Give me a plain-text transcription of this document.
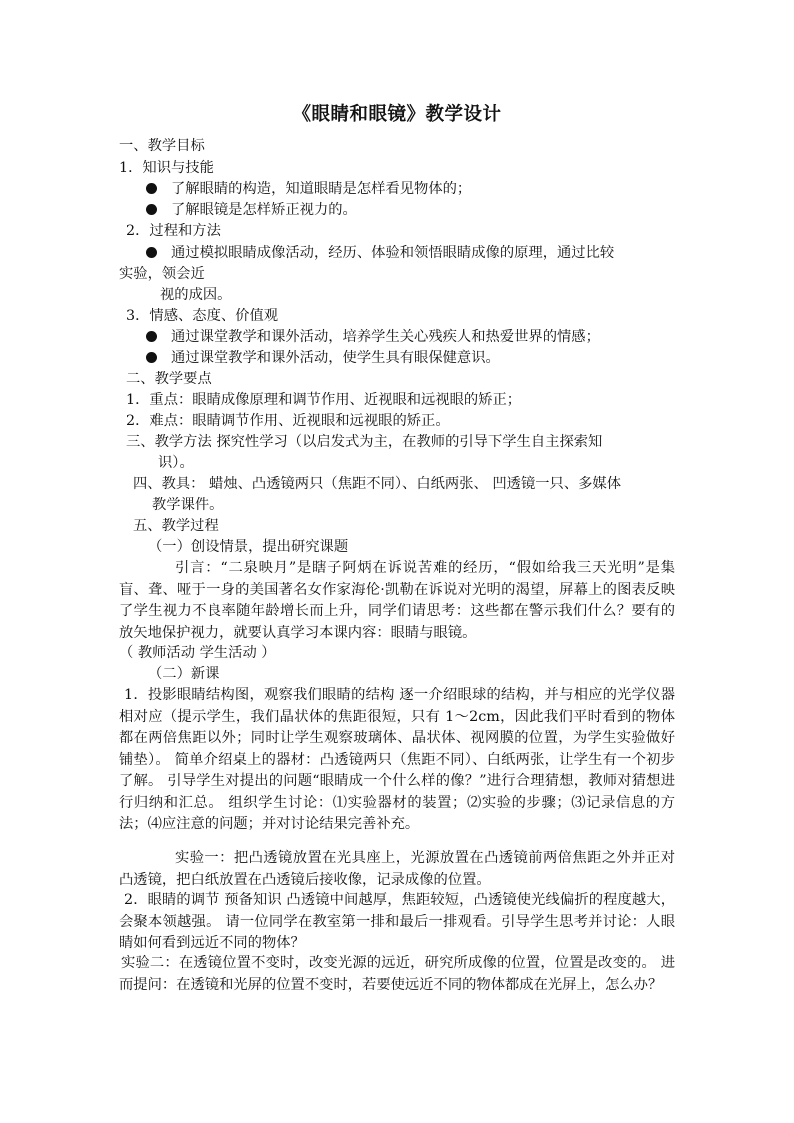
《眼睛和眼镜》教学设计
一、教学目标
1．知识与技能
了解眼睛的构造，知道眼睛是怎样看见物体的；
了解眼镜是怎样矫正视力的。
2．过程和方法
通过模拟眼睛成像活动，经历、体验和领悟眼睛成像的原理，通过比较
实验，领会近
视的成因。
3．情感、态度、价值观
通过课堂教学和课外活动，培养学生关心残疾人和热爱世界的情感；
通过课堂教学和课外活动，使学生具有眼保健意识。
二、教学要点
1．重点：眼睛成像原理和调节作用、近视眼和远视眼的矫正；
2．难点：眼睛调节作用、近视眼和远视眼的矫正。
三、教学方法 探究性学习（以启发式为主，在教师的引导下学生自主探索知
识）。
四、教具： 蜡烛、凸透镜两只（焦距不同）、白纸两张、 凹透镜一只、多媒体
教学课件。
五、教学过程
（一）创设情景，提出研究课题
引言：“二泉映月”是瞎子阿炳在诉说苦难的经历，“假如给我三天光明”是集盲、聋、哑于一身的美国著名女作家海伦·凯勒在诉说对光明的渴望，屏幕上的图表反映了学生视力不良率随年龄增长而上升，同学们请思考：这些都在警示我们什么？要有的放矢地保护视力，就要认真学习本课内容：眼睛与眼镜。
（ 教师活动 学生活动 ）
（二）新课
1．投影眼睛结构图，观察我们眼睛的结构 逐一介绍眼球的结构，并与相应的光学仪器相对应（提示学生，我们晶状体的焦距很短，只有 1～2cm，因此我们平时看到的物体都在两倍焦距以外；同时让学生观察玻璃体、晶状体、视网膜的位置，为学生实验做好铺垫）。 简单介绍桌上的器材：凸透镜两只（焦距不同）、白纸两张，让学生有一个初步了解。 引导学生对提出的问题“眼睛成一个什么样的像？”进行合理猜想，教师对猜想进行归纳和汇总。 组织学生讨论：⑴实验器材的装置；⑵实验的步骤；⑶记录信息的方法；⑷应注意的问题；并对讨论结果完善补充。
实验一：把凸透镜放置在光具座上，光源放置在凸透镜前两倍焦距之外并正对凸透镜，把白纸放置在凸透镜后接收像，记录成像的位置。
2．眼睛的调节 预备知识 凸透镜中间越厚，焦距较短，凸透镜使光线偏折的程度越大，会聚本领越强。 请一位同学在教室第一排和最后一排观看。引导学生思考并讨论：人眼睛如何看到远近不同的物体？
实验二：在透镜位置不变时，改变光源的远近，研究所成像的位置，位置是改变的。 进而提问：在透镜和光屏的位置不变时，若要使远近不同的物体都成在光屏上，怎么办？
